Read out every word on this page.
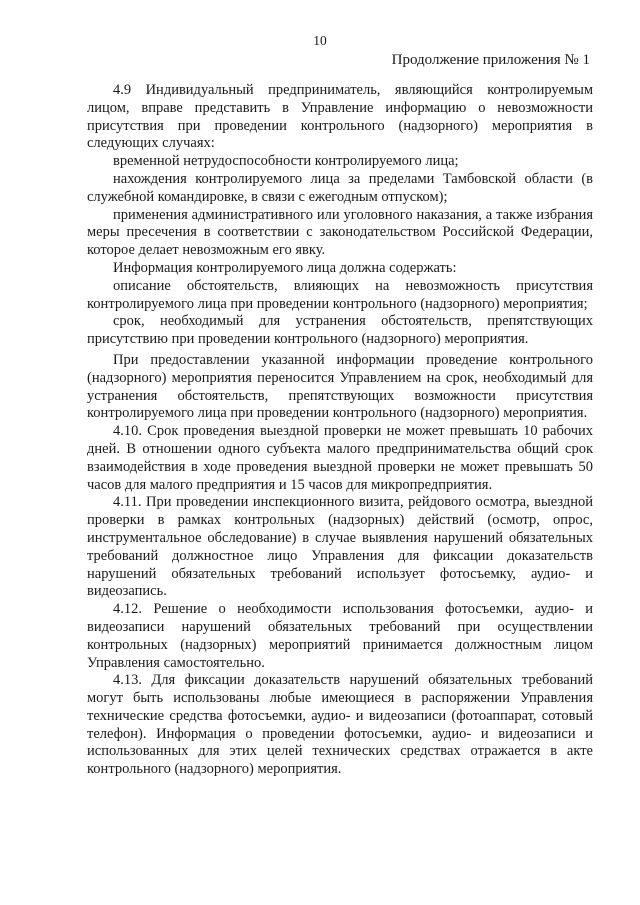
10
Продолжение приложения № 1

4.9 Индивидуальный предприниматель, являющийся контролируемым лицом, вправе представить в Управление информацию о невозможности присутствия при проведении контрольного (надзорного) мероприятия в следующих случаях:

временной нетрудоспособности контролируемого лица;

нахождения контролируемого лица за пределами Тамбовской области (в служебной командировке, в связи с ежегодным отпуском);

применения административного или уголовного наказания, а также избрания меры пресечения в соответствии с законодательством Российской Федерации, которое делает невозможным его явку.

Информация контролируемого лица должна содержать:

описание обстоятельств, влияющих на невозможность присутствия контролируемого лица при проведении контрольного (надзорного) мероприятия;

срок, необходимый для устранения обстоятельств, препятствующих присутствию при проведении контрольного (надзорного) мероприятия.

При предоставлении указанной информации проведение контрольного (надзорного) мероприятия переносится Управлением на срок, необходимый для устранения обстоятельств, препятствующих возможности присутствия контролируемого лица при проведении контрольного (надзорного) мероприятия.

4.10. Срок проведения выездной проверки не может превышать 10 рабочих дней. В отношении одного субъекта малого предпринимательства общий срок взаимодействия в ходе проведения выездной проверки не может превышать 50 часов для малого предприятия и 15 часов для микропредприятия.

4.11. При проведении инспекционного визита, рейдового осмотра, выездной проверки в рамках контрольных (надзорных) действий (осмотр, опрос, инструментальное обследование) в случае выявления нарушений обязательных требований должностное лицо Управления для фиксации доказательств нарушений обязательных требований использует фотосъемку, аудио- и видеозапись.

4.12. Решение о необходимости использования фотосъемки, аудио- и видеозаписи нарушений обязательных требований при осуществлении контрольных (надзорных) мероприятий принимается должностным лицом Управления самостоятельно.

4.13. Для фиксации доказательств нарушений обязательных требований могут быть использованы любые имеющиеся в распоряжении Управления технические средства фотосъемки, аудио- и видеозаписи (фотоаппарат, сотовый телефон). Информация о проведении фотосъемки, аудио- и видеозаписи и использованных для этих целей технических средствах отражается в акте контрольного (надзорного) мероприятия.
